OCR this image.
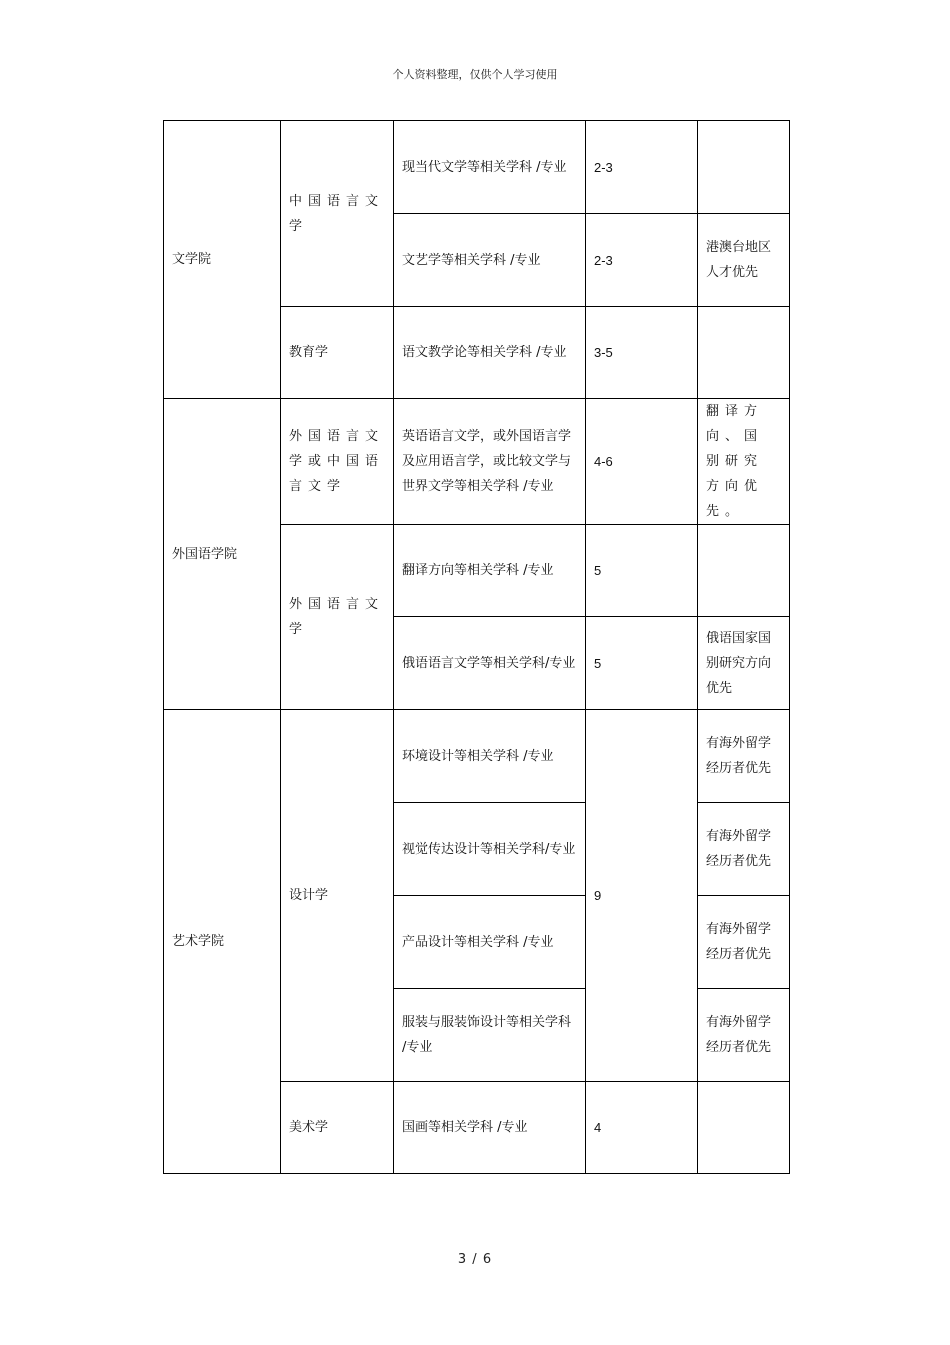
个人资料整理，仅供个人学习使用
文学院	中国语言文学	现当代文学等相关学科 /专业	2-3	
		文艺学等相关学科 /专业	2-3	港澳台地区人才优先
	教育学	语文教学论等相关学科 /专业	3-5	
外国语学院	外国语言文学或中国语言文学	英语语言文学，或外国语言学及应用语言学，或比较文学与世界文学等相关学科 /专业	4-6	翻译方向、国别研究方向优先。
	外国语言文学	翻译方向等相关学科 /专业	5	
		俄语语言文学等相关学科/专业	5	俄语国家国别研究方向优先
艺术学院	设计学	环境设计等相关学科 /专业	9	有海外留学经历者优先
		视觉传达设计等相关学科/专业		有海外留学经历者优先
		产品设计等相关学科 /专业		有海外留学经历者优先
		服装与服装饰设计等相关学科 /专业		有海外留学经历者优先
	美术学	国画等相关学科 /专业	4	
3 / 6
